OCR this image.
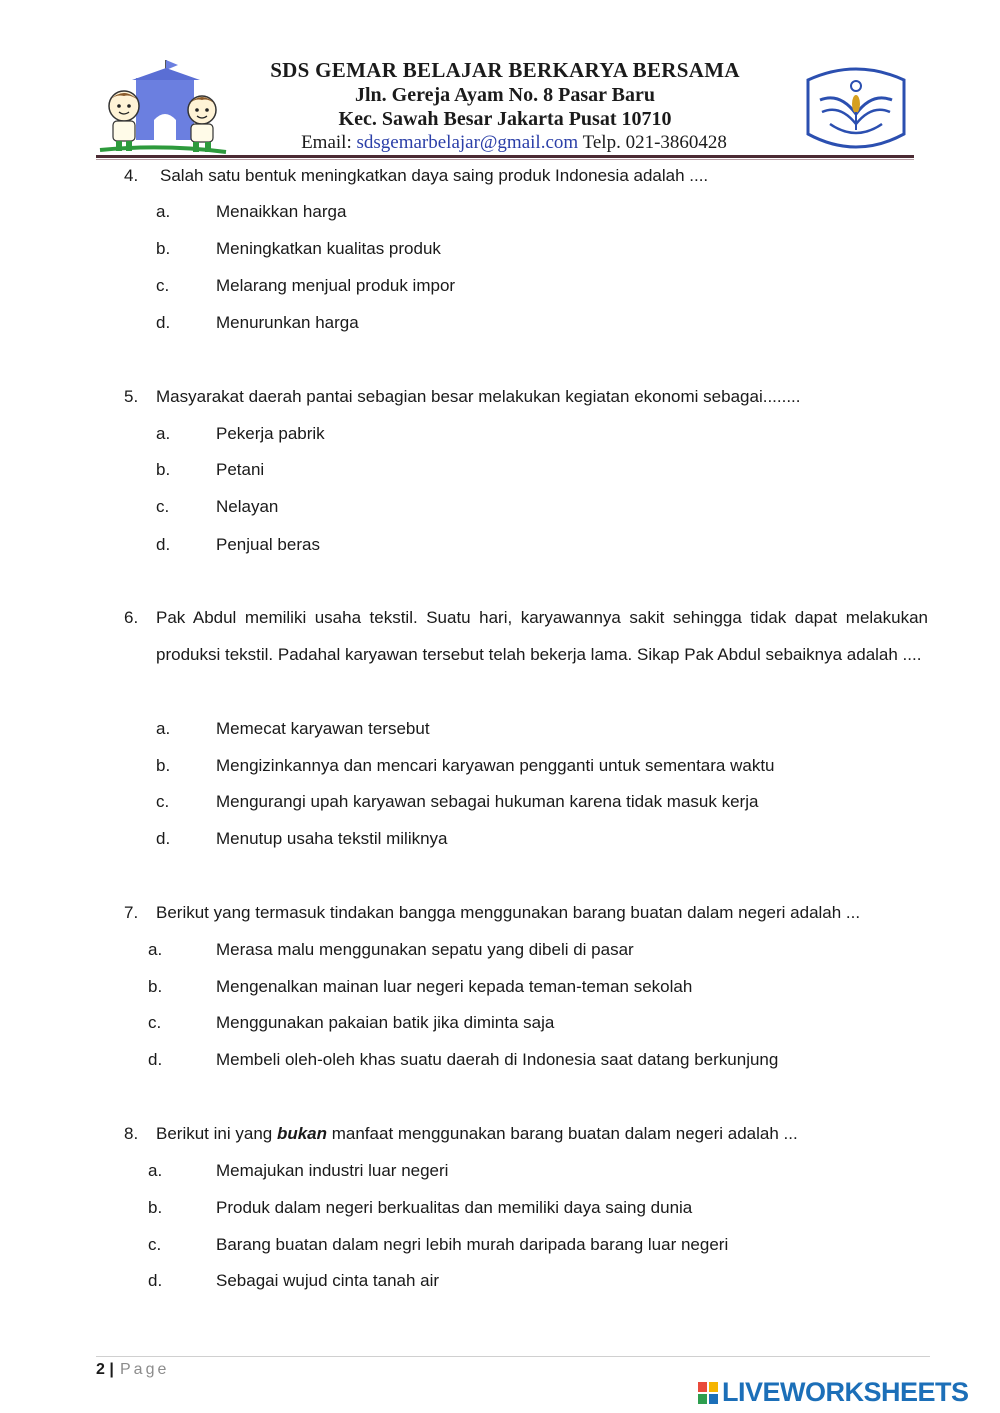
SDS GEMAR BELAJAR BERKARYA BERSAMA
Jln. Gereja Ayam No. 8 Pasar Baru
Kec. Sawah Besar Jakarta Pusat 10710
Email: sdsgemarbelajar@gmail.com Telp. 021-3860428
4. Salah satu bentuk meningkatkan daya saing produk Indonesia adalah ....
a.	Menaikkan harga
b.	Meningkatkan kualitas produk
c.	Melarang menjual produk impor
d.	Menurunkan harga
5. Masyarakat daerah pantai sebagian besar melakukan kegiatan ekonomi sebagai........
a.	Pekerja pabrik
b.	Petani
c.	Nelayan
d.	Penjual beras
6. Pak Abdul memiliki usaha tekstil. Suatu hari, karyawannya sakit sehingga tidak dapat melakukan produksi tekstil. Padahal karyawan tersebut telah bekerja lama. Sikap Pak Abdul sebaiknya adalah ....
a.	Memecat karyawan tersebut
b.	Mengizinkannya dan mencari karyawan pengganti untuk sementara waktu
c.	Mengurangi upah karyawan sebagai hukuman karena tidak masuk kerja
d.	Menutup usaha tekstil miliknya
7. Berikut yang termasuk tindakan bangga menggunakan barang buatan dalam negeri adalah ...
a.	Merasa malu menggunakan sepatu yang dibeli di pasar
b.	Mengenalkan mainan luar negeri kepada teman-teman sekolah
c.	Menggunakan pakaian batik jika diminta saja
d.	Membeli oleh-oleh khas suatu daerah di Indonesia saat datang berkunjung
8. Berikut ini yang bukan manfaat menggunakan barang buatan dalam negeri adalah ...
a.	Memajukan industri luar negeri
b.	Produk dalam negeri berkualitas dan memiliki daya saing dunia
c.	Barang buatan dalam negri lebih murah daripada barang luar negeri
d.	Sebagai wujud cinta tanah air
2 | Page
LIVEWORKSHEETS
